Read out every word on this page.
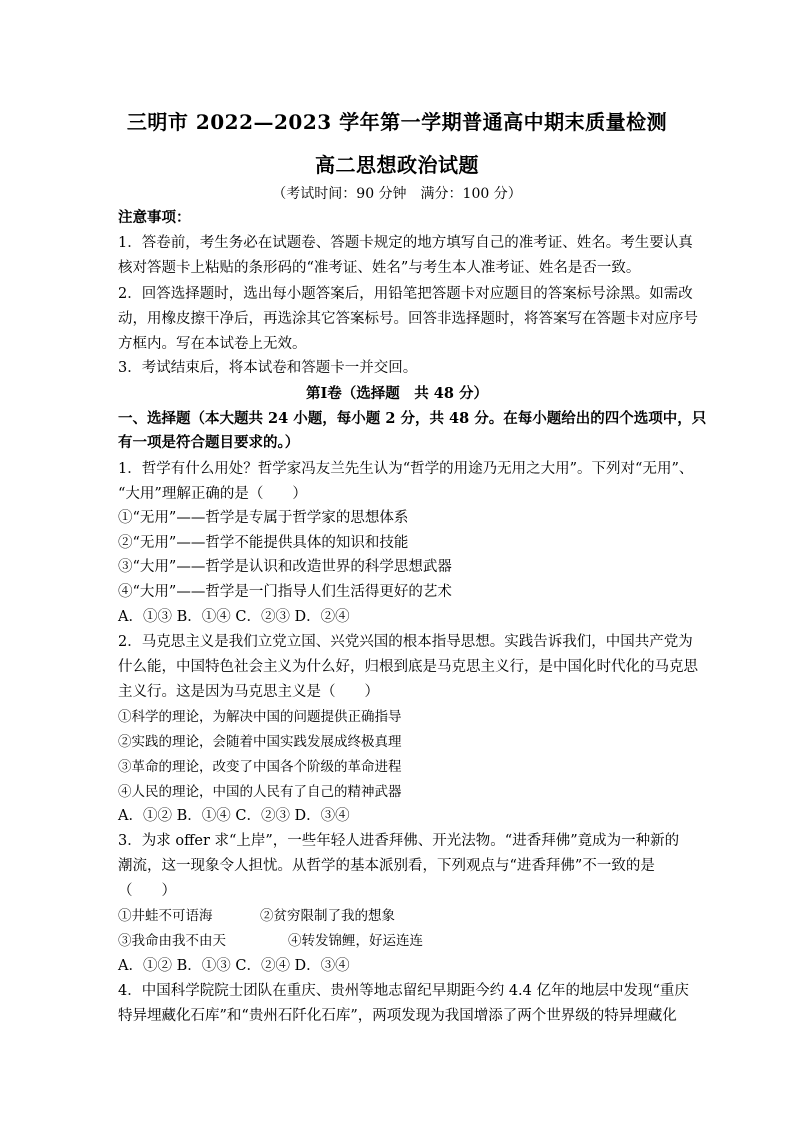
三明市 2022—2023 学年第一学期普通高中期末质量检测
高二思想政治试题
（考试时间：90 分钟　满分：100 分）
注意事项：
1．答卷前，考生务必在试题卷、答题卡规定的地方填写自己的准考证、姓名。考生要认真
核对答题卡上粘贴的条形码的“准考证、姓名”与考生本人准考证、姓名是否一致。
2．回答选择题时，选出每小题答案后，用铅笔把答题卡对应题目的答案标号涂黑。如需改
动，用橡皮擦干净后，再选涂其它答案标号。回答非选择题时，将答案写在答题卡对应序号
方框内。写在本试卷上无效。
3．考试结束后，将本试卷和答题卡一并交回。
第Ⅰ卷（选择题　共 48 分）
一、选择题（本大题共 24 小题，每小题 2 分，共 48 分。在每小题给出的四个选项中，只
有一项是符合题目要求的。）
1．哲学有什么用处？哲学家冯友兰先生认为“哲学的用途乃无用之大用”。下列对“无用”、
“大用”理解正确的是（　　）
①“无用”——哲学是专属于哲学家的思想体系
②“无用”——哲学不能提供具体的知识和技能
③“大用”——哲学是认识和改造世界的科学思想武器
④“大用”——哲学是一门指导人们生活得更好的艺术
A．①③ B．①④ C．②③ D．②④
2．马克思主义是我们立党立国、兴党兴国的根本指导思想。实践告诉我们，中国共产党为
什么能，中国特色社会主义为什么好，归根到底是马克思主义行，是中国化时代化的马克思
主义行。这是因为马克思主义是（　　）
①科学的理论，为解决中国的问题提供正确指导
②实践的理论，会随着中国实践发展成终极真理
③革命的理论，改变了中国各个阶级的革命进程
④人民的理论，中国的人民有了自己的精神武器
A．①② B．①④ C．②③ D．③④
3．为求 offer 求“上岸”，一些年轻人进香拜佛、开光法物。“进香拜佛”竟成为一种新的
潮流，这一现象令人担忧。从哲学的基本派别看，下列观点与“进香拜佛”不一致的是
（　　）
①井蛙不可语海	②贫穷限制了我的想象
③我命由我不由天	④转发锦鲤，好运连连
A．①② B．①③ C．②④ D．③④
4．中国科学院院士团队在重庆、贵州等地志留纪早期距今约 4.4 亿年的地层中发现“重庆
特异埋藏化石库”和“贵州石阡化石库”，两项发现为我国增添了两个世界级的特异埋藏化
